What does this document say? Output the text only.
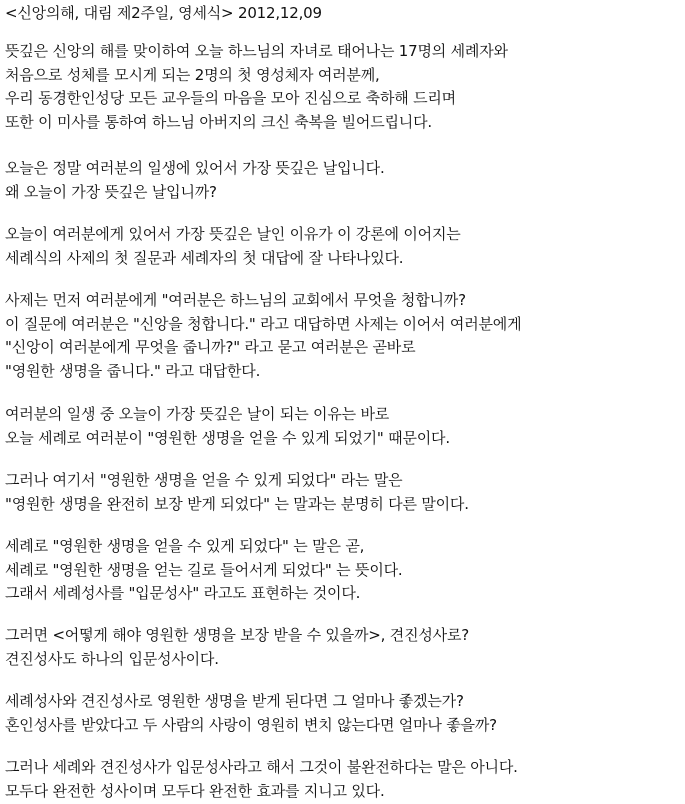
<신앙의해, 대림 제2주일, 영세식> 2012,12,09
뜻깊은 신앙의 해를 맞이하여 오늘 하느님의 자녀로 태어나는 17명의 세례자와
처음으로 성체를 모시게 되는 2명의 첫 영성체자 여러분께,
우리 동경한인성당 모든 교우들의 마음을 모아 진심으로 축하해 드리며
또한 이 미사를 통하여 하느님 아버지의 크신 축복을 빌어드립니다.
오늘은 정말 여러분의 일생에 있어서 가장 뜻깊은 날입니다.
왜 오늘이 가장 뜻깊은 날입니까?
오늘이 여러분에게 있어서 가장 뜻깊은 날인 이유가 이 강론에 이어지는
세례식의 사제의 첫 질문과 세례자의 첫 대답에 잘 나타나있다.
사제는 먼저 여러분에게 "여러분은 하느님의 교회에서 무엇을 청합니까?
이 질문에 여러분은 "신앙을 청합니다." 라고 대답하면 사제는 이어서 여러분에게
"신앙이 여러분에게 무엇을 줍니까?" 라고 묻고 여러분은 곧바로
"영원한 생명을 줍니다." 라고 대답한다.
여러분의 일생 중 오늘이 가장 뜻깊은 날이 되는 이유는 바로
오늘 세례로 여러분이 "영원한 생명을 얻을 수 있게 되었기" 때문이다.
그러나 여기서 "영원한 생명을 얻을 수 있게 되었다" 라는 말은
"영원한 생명을 완전히 보장 받게 되었다" 는 말과는 분명히 다른 말이다.
세례로 "영원한 생명을 얻을 수 있게 되었다" 는 말은 곧,
세례로 "영원한 생명을 얻는 길로 들어서게 되었다" 는 뜻이다.
그래서 세례성사를 "입문성사" 라고도 표현하는 것이다.
그러면 <어떻게 해야 영원한 생명을 보장 받을 수 있을까>, 견진성사로?
견진성사도 하나의 입문성사이다.
세례성사와 견진성사로 영원한 생명을 받게 된다면 그 얼마나 좋겠는가?
혼인성사를 받았다고 두 사람의 사랑이 영원히 변치 않는다면 얼마나 좋을까?
그러나 세례와 견진성사가 입문성사라고 해서 그것이 불완전하다는 말은 아니다.
모두다 완전한 성사이며 모두다 완전한 효과를 지니고 있다.
